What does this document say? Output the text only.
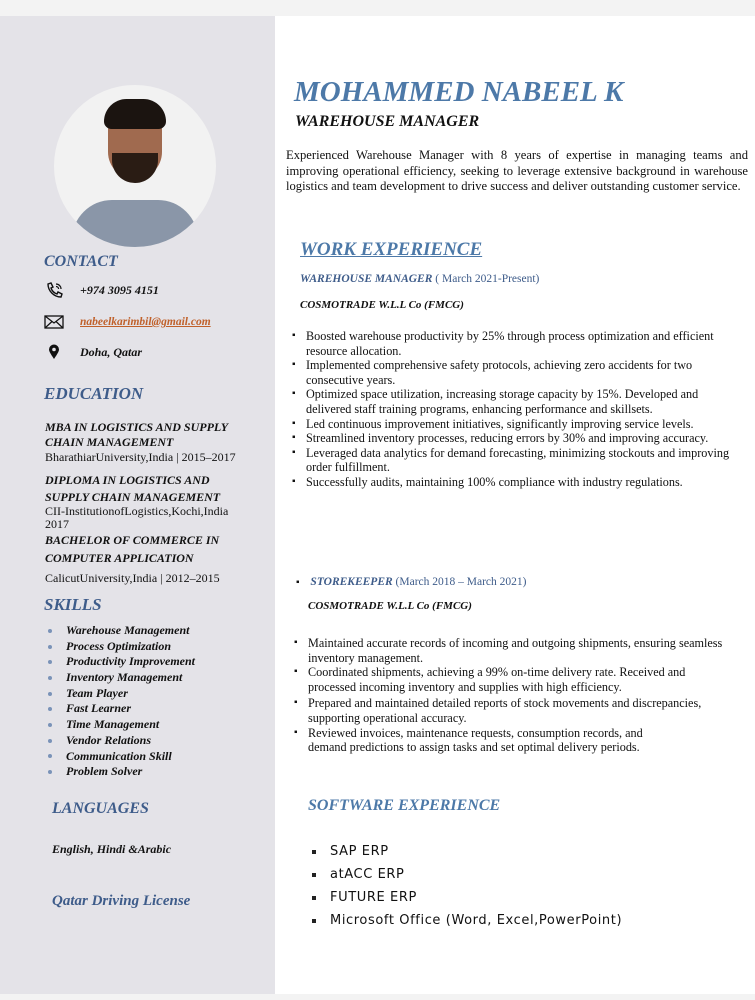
CONTACT
+974 3095 4151
nabeelkarimbil@gmail.com
Doha, Qatar
EDUCATION
MBA IN LOGISTICS AND SUPPLY CHAIN MANAGEMENT
BharathiarUniversity,India | 2015–2017
DIPLOMA IN LOGISTICS AND SUPPLY CHAIN MANAGEMENT
CII-InstitutionofLogistics,Kochi,India 2017
BACHELOR OF COMMERCE IN COMPUTER APPLICATION
CalicutUniversity,India | 2012–2015
SKILLS
Warehouse Management
Process Optimization
Productivity Improvement
Inventory Management
Team Player
Fast Learner
Time Management
Vendor Relations
Communication Skill
Problem Solver
LANGUAGES
English, Hindi &Arabic
Qatar Driving License
MOHAMMED NABEEL K
WAREHOUSE MANAGER
Experienced Warehouse Manager with 8 years of expertise in managing teams and improving operational efficiency, seeking to leverage extensive background in warehouse logistics and team development to drive success and deliver outstanding customer service.
WORK EXPERIENCE
WAREHOUSE MANAGER ( March 2021-Present)
COSMOTRADE W.L.L Co (FMCG)
▪ Boosted warehouse productivity by 25% through process optimization and efficient resource allocation.
▪ Implemented comprehensive safety protocols, achieving zero accidents for two consecutive years.
▪ Optimized space utilization, increasing storage capacity by 15%. Developed and delivered staff training programs, enhancing performance and skillsets.
▪ Led continuous improvement initiatives, significantly improving service levels.
▪ Streamlined inventory processes, reducing errors by 30% and improving accuracy.
▪ Leveraged data analytics for demand forecasting, minimizing stockouts and improving order fulfillment.
▪ Successfully audits, maintaining 100% compliance with industry regulations.
▪ STOREKEEPER (March 2018 – March 2021)
COSMOTRADE W.L.L Co (FMCG)
▪ Maintained accurate records of incoming and outgoing shipments, ensuring seamless inventory management.
▪ Coordinated shipments, achieving a 99% on-time delivery rate. Received and processed incoming inventory and supplies with high efficiency.
▪ Prepared and maintained detailed reports of stock movements and discrepancies, supporting operational accuracy.
▪ Reviewed invoices, maintenance requests, consumption records, and demand predictions to assign tasks and set optimal delivery periods.
SOFTWARE EXPERIENCE
SAP ERP
atACC ERP
FUTURE ERP
Microsoft Office (Word, Excel,PowerPoint)
